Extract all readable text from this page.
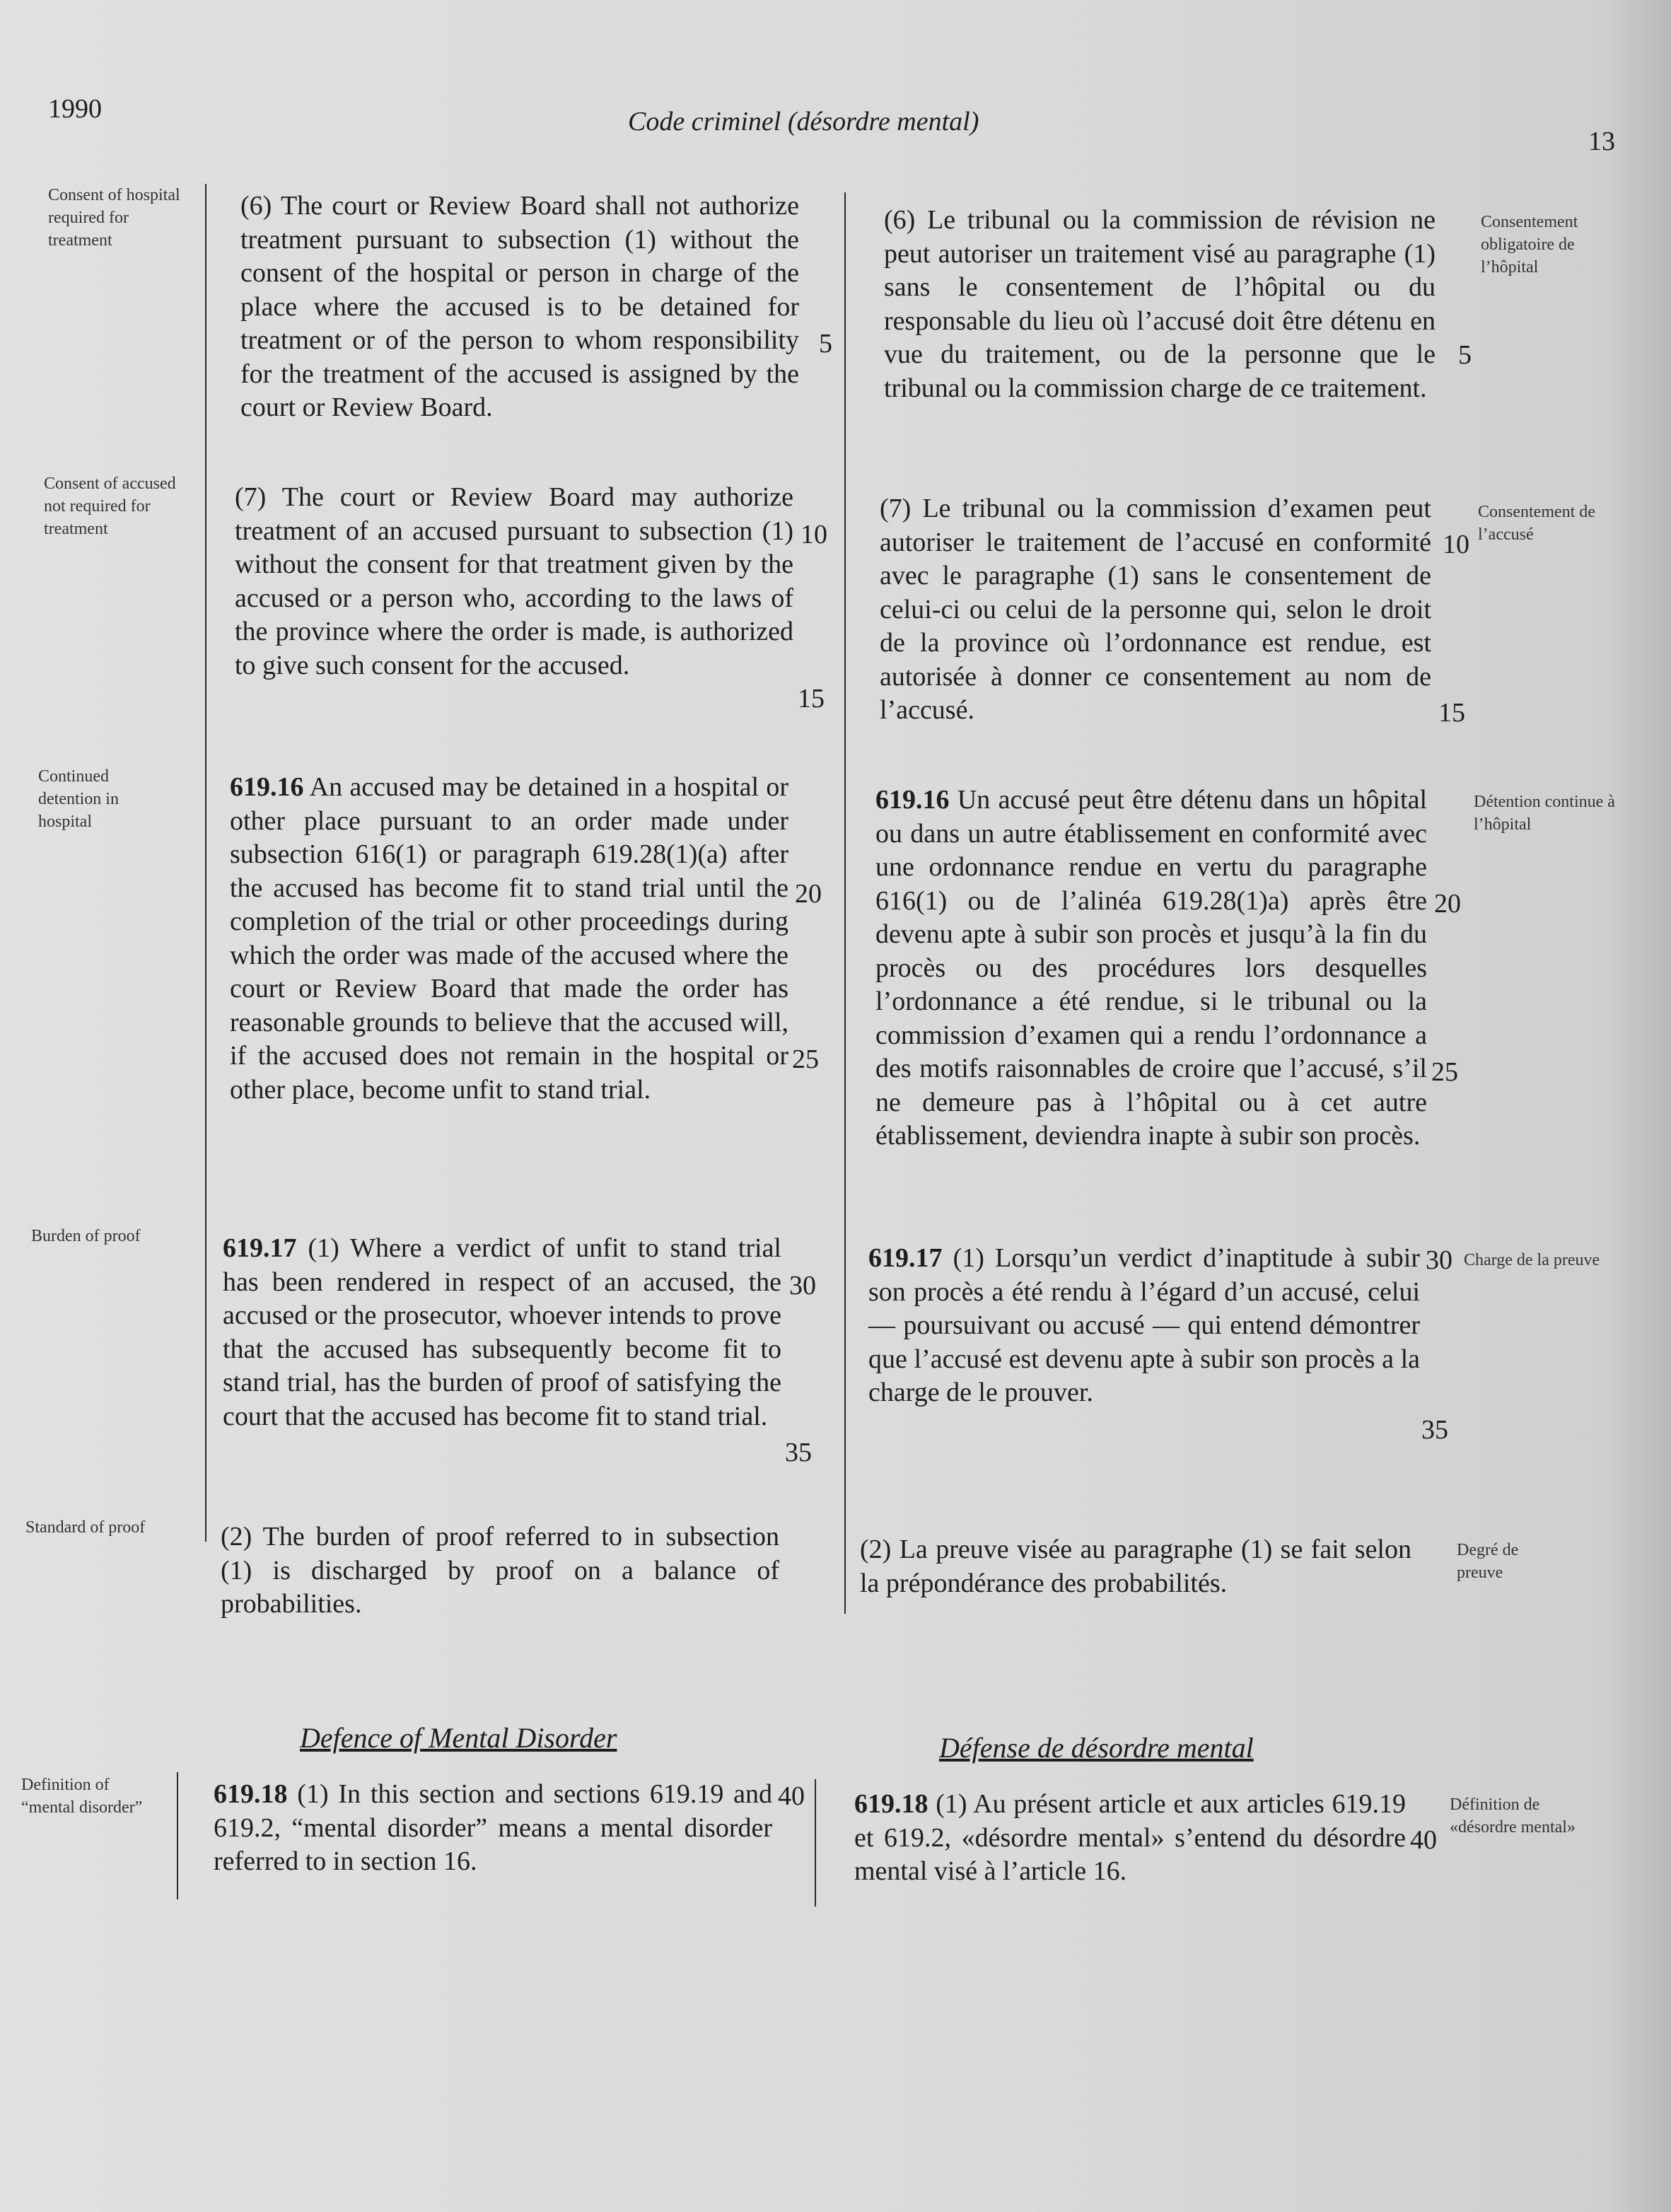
1990	Code criminel (désordre mental)
13
Consent of hospital required for treatment
Consent of accused not required for treatment
Continued detention in hospital
Burden of proof
Standard of proof
Definition of “mental disorder”
(6) The court or Review Board shall not authorize treatment pursuant to subsection (1) without the consent of the hospital or person in charge of the place where the accused is to be detained for treatment or of the person to whom responsibility for the treatment of the accused is assigned by the court or Review Board.
(7) The court or Review Board may authorize treatment of an accused pursuant to subsection (1) without the consent for that treatment given by the accused or a person who, according to the laws of the province where the order is made, is authorized to give such consent for the accused.
619.16 An accused may be detained in a hospital or other place pursuant to an order made under subsection 616(1) or paragraph 619.28(1)(a) after the accused has become fit to stand trial until the completion of the trial or other proceedings during which the order was made of the accused where the court or Review Board that made the order has reasonable grounds to believe that the accused will, if the accused does not remain in the hospital or other place, become unfit to stand trial.
619.17 (1) Where a verdict of unfit to stand trial has been rendered in respect of an accused, the accused or the prosecutor, whoever intends to prove that the accused has subsequently become fit to stand trial, has the burden of proof of satisfying the court that the accused has become fit to stand trial.
(2) The burden of proof referred to in subsection (1) is discharged by proof on a balance of probabilities.
Defence of Mental Disorder
619.18 (1) In this section and sections 619.19 and 619.2, “mental disorder” means a mental disorder referred to in section 16.
5
10
15
20
25
30
35
40
(6) Le tribunal ou la commission de révision ne peut autoriser un traitement visé au paragraphe (1) sans le consentement de l’hôpital ou du responsable du lieu où l’accusé doit être détenu en vue du traitement, ou de la personne que le tribunal ou la commission charge de ce traitement.
(7) Le tribunal ou la commission d’examen peut autoriser le traitement de l’accusé en conformité avec le paragraphe (1) sans le consentement de celui-ci ou celui de la personne qui, selon le droit de la province où l’ordonnance est rendue, est autorisée à donner ce consentement au nom de l’accusé.
619.16 Un accusé peut être détenu dans un hôpital ou dans un autre établissement en conformité avec une ordonnance rendue en vertu du paragraphe 616(1) ou de l’alinéa 619.28(1)a) après être devenu apte à subir son procès et jusqu’à la fin du procès ou des procédures lors desquelles l’ordonnance a été rendue, si le tribunal ou la commission d’examen qui a rendu l’ordonnance a des motifs raisonnables de croire que l’accusé, s’il ne demeure pas à l’hôpital ou à cet autre établissement, deviendra inapte à subir son procès.
619.17 (1) Lorsqu’un verdict d’inaptitude à subir son procès a été rendu à l’égard d’un accusé, celui — poursuivant ou accusé — qui entend démontrer que l’accusé est devenu apte à subir son procès a la charge de le prouver.
(2) La preuve visée au paragraphe (1) se fait selon la prépondérance des probabilités.
Défense de désordre mental
619.18 (1) Au présent article et aux articles 619.19 et 619.2, «désordre mental» s’entend du désordre mental visé à l’article 16.
5
10
15
20
25
30
35
40
Consentement obligatoire de l’hôpital
Consentement de l’accusé
Détention continue à l’hôpital
Charge de la preuve
Degré de preuve
Définition de «désordre mental»
